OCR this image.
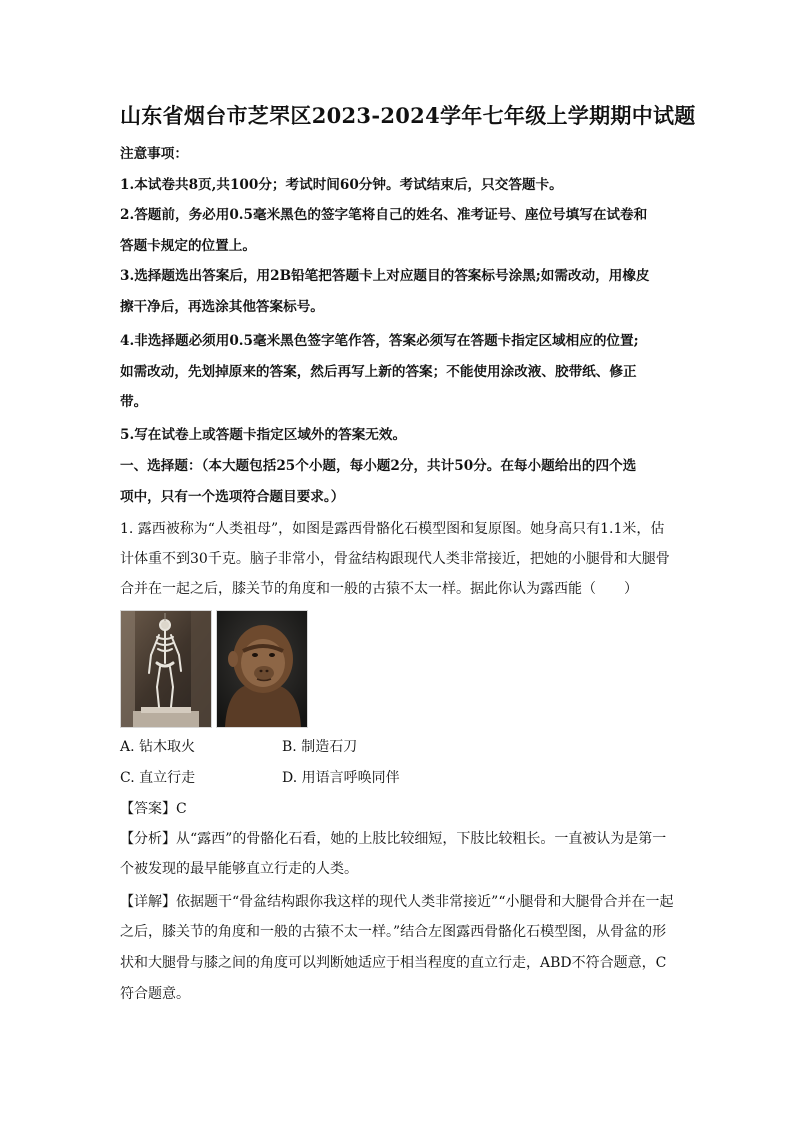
山东省烟台市芝罘区2023-2024学年七年级上学期期中试题
注意事项：
1.本试卷共8页,共100分；考试时间60分钟。考试结束后，只交答题卡。
2.答题前，务必用0.5毫米黑色的签字笔将自己的姓名、准考证号、座位号填写在试卷和
答题卡规定的位置上。
3.选择题选出答案后，用2B铅笔把答题卡上对应题目的答案标号涂黑;如需改动，用橡皮
擦干净后，再选涂其他答案标号。
4.非选择题必须用0.5毫米黑色签字笔作答，答案必须写在答题卡指定区域相应的位置;
如需改动，先划掉原来的答案，然后再写上新的答案；不能使用涂改液、胶带纸、修正
带。
5.写在试卷上或答题卡指定区域外的答案无效。
一、选择题：（本大题包括25个小题，每小题2分，共计50分。在每小题给出的四个选
项中，只有一个选项符合题目要求。）
1. 露西被称为“人类祖母”，如图是露西骨骼化石模型图和复原图。她身高只有1.1米，估
计体重不到30千克。脑子非常小，骨盆结构跟现代人类非常接近，把她的小腿骨和大腿骨
合并在一起之后，膝关节的角度和一般的古猿不太一样。据此你认为露西能（　　）
A. 钻木取火	B. 制造石刀
C. 直立行走	D. 用语言呼唤同伴
【答案】C
【分析】从“露西”的骨骼化石看，她的上肢比较细短，下肢比较粗长。一直被认为是第一
个被发现的最早能够直立行走的人类。
【详解】依据题干“骨盆结构跟你我这样的现代人类非常接近”“小腿骨和大腿骨合并在一起
之后，膝关节的角度和一般的古猿不太一样。”结合左图露西骨骼化石模型图，从骨盆的形
状和大腿骨与膝之间的角度可以判断她适应于相当程度的直立行走，ABD不符合题意，C
符合题意。
